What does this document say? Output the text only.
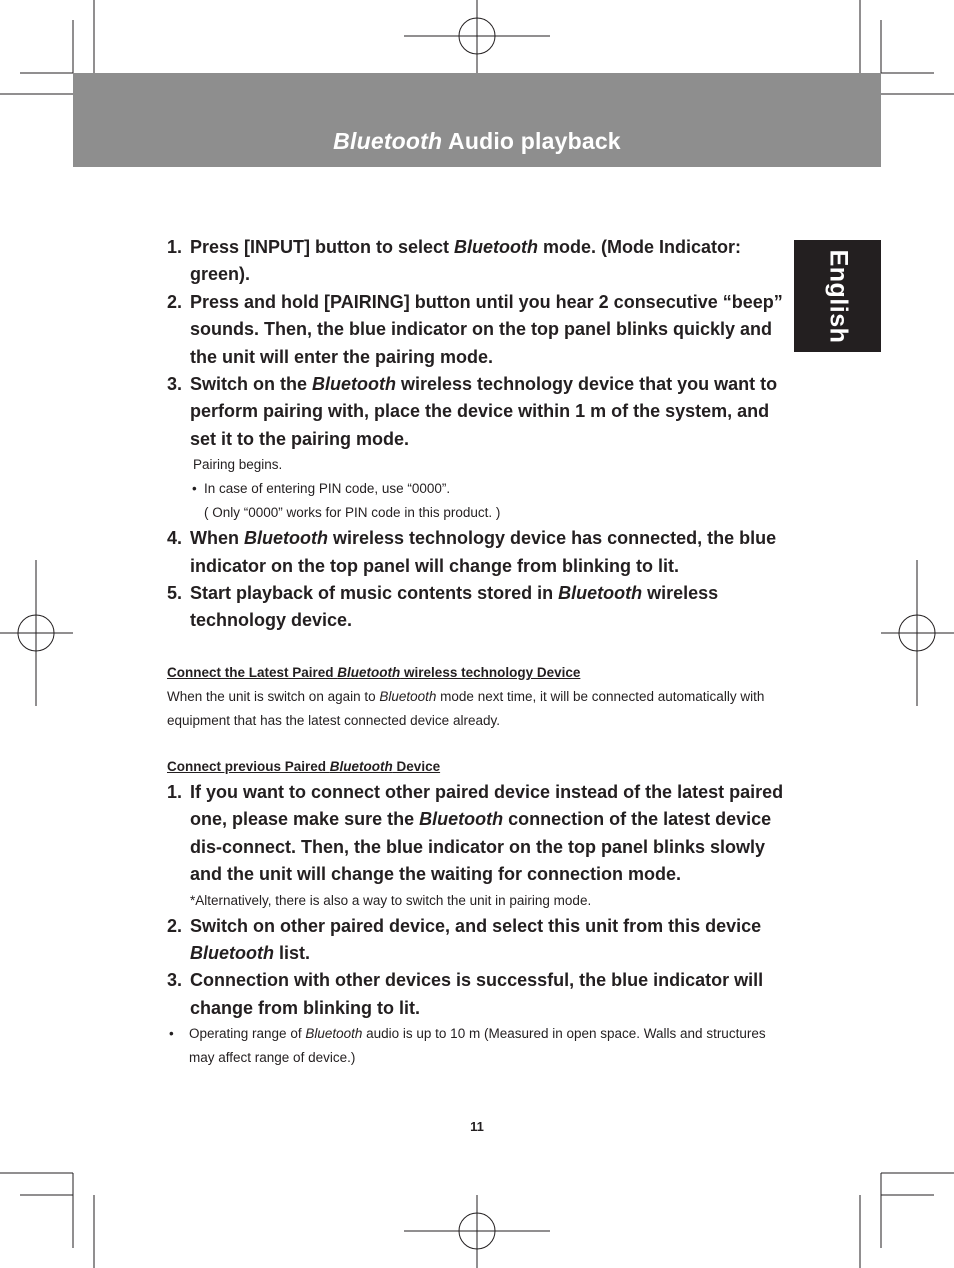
Bluetooth Audio playback
English
1. Press [INPUT] button to select Bluetooth mode. (Mode Indicator: green).
2. Press and hold [PAIRING] button until you hear 2 consecutive “beep” sounds. Then, the blue indicator on the top panel blinks quickly and the unit will enter the pairing mode.
3. Switch on the Bluetooth wireless technology device that you want to perform pairing with, place the device within 1 m of the system, and set it to the pairing mode.
Pairing begins.
• In case of entering PIN code, use “0000”.
( Only “0000” works for PIN code in this product. )
4. When Bluetooth wireless technology device has connected, the blue indicator on the top panel will change from blinking to lit.
5. Start playback of music contents stored in Bluetooth wireless technology device.
Connect the Latest Paired Bluetooth wireless technology Device
When the unit is switch on again to Bluetooth mode next time, it will be connected automatically with equipment that has the latest connected device already.
Connect previous Paired Bluetooth Device
1. If you want to connect other paired device instead of the latest paired one, please make sure the Bluetooth connection of the latest device dis-connect. Then, the blue indicator on the top panel blinks slowly and the unit will change the waiting for connection mode.
*Alternatively, there is also a way to switch the unit in pairing mode.
2. Switch on other paired device, and select this unit from this device Bluetooth list.
3. Connection with other devices is successful, the blue indicator will change from blinking to lit.
• Operating range of Bluetooth audio is up to 10 m (Measured in open space. Walls and structures may affect range of device.)
11
